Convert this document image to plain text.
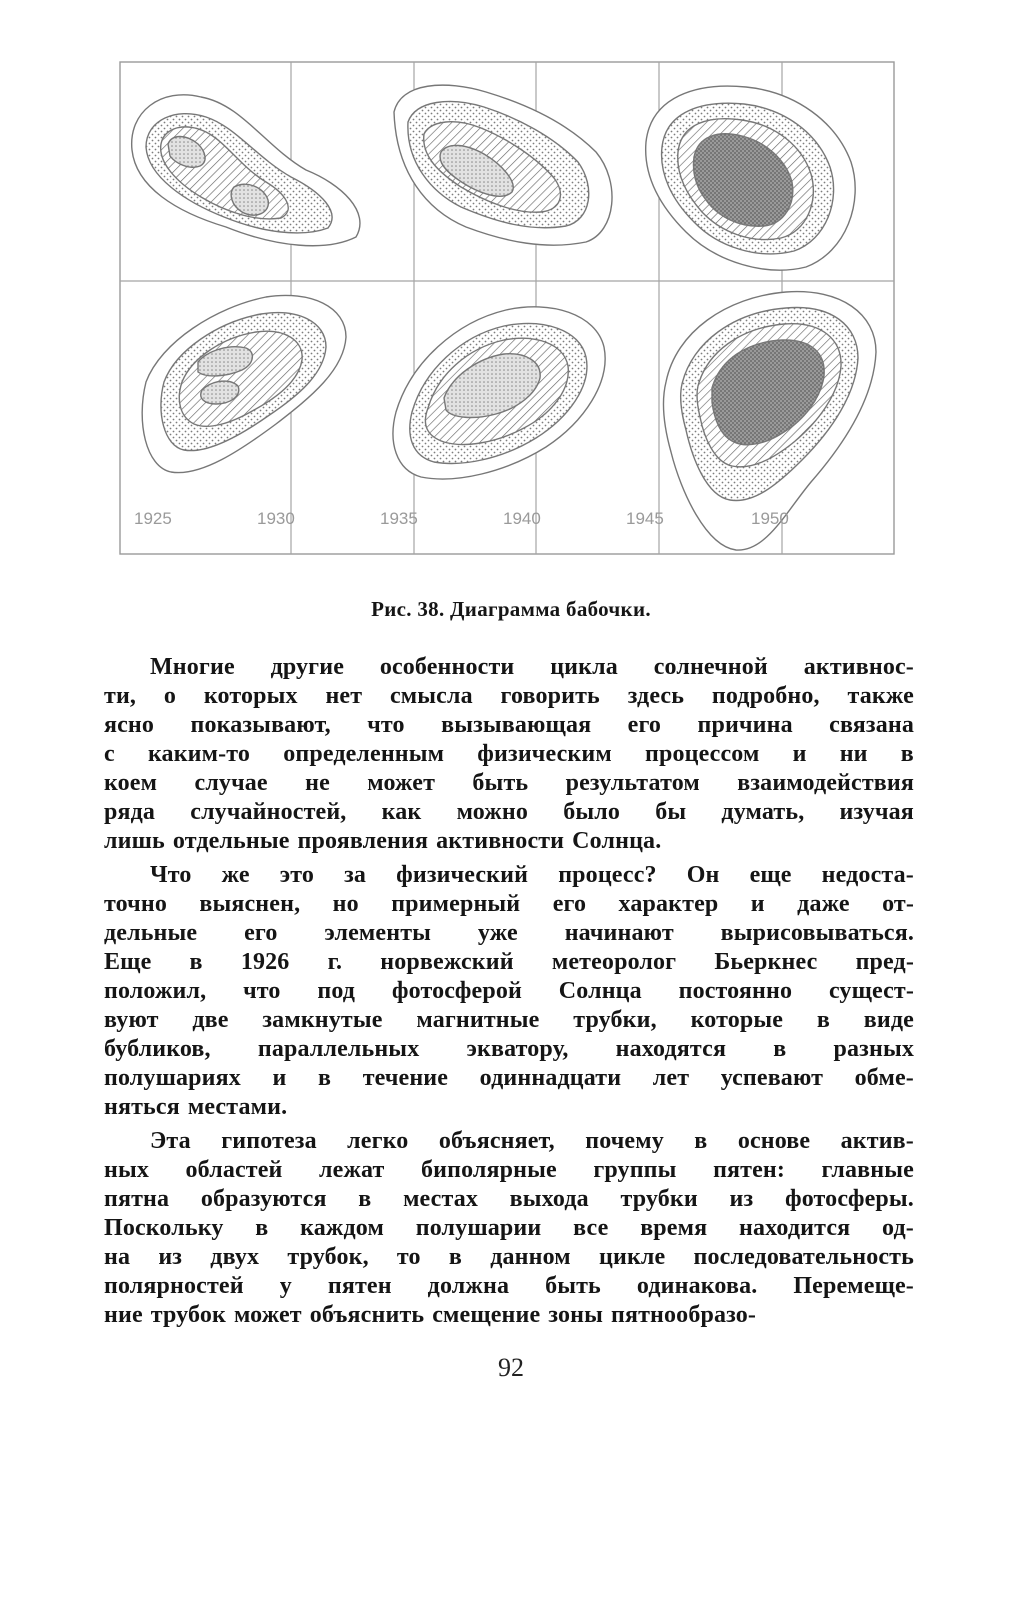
1925	1930	1935	1940	1945	1950
Рис. 38. Диаграмма бабочки.
Многие другие особенности цикла солнечной активнос-
ти, о которых нет смысла говорить здесь подробно, также
ясно показывают, что вызывающая его причина связана
с каким-то определенным физическим процессом и ни в
коем случае не может быть результатом взаимодействия
ряда случайностей, как можно было бы думать, изучая
лишь отдельные проявления активности Солнца.
Что же это за физический процесс? Он еще недоста-
точно выяснен, но примерный его характер и даже от-
дельные его элементы уже начинают вырисовываться.
Еще в 1926 г. норвежский метеоролог Бьеркнес пред-
положил, что под фотосферой Солнца постоянно сущест-
вуют две замкнутые магнитные трубки, которые в виде
бубликов, параллельных экватору, находятся в разных
полушариях и в течение одиннадцати лет успевают обме-
няться местами.
Эта гипотеза легко объясняет, почему в основе актив-
ных областей лежат биполярные группы пятен: главные
пятна образуются в местах выхода трубки из фотосферы.
Поскольку в каждом полушарии все время находится од-
на из двух трубок, то в данном цикле последовательность
полярностей у пятен должна быть одинакова. Перемеще-
ние трубок может объяснить смещение зоны пятнообразо-
92
